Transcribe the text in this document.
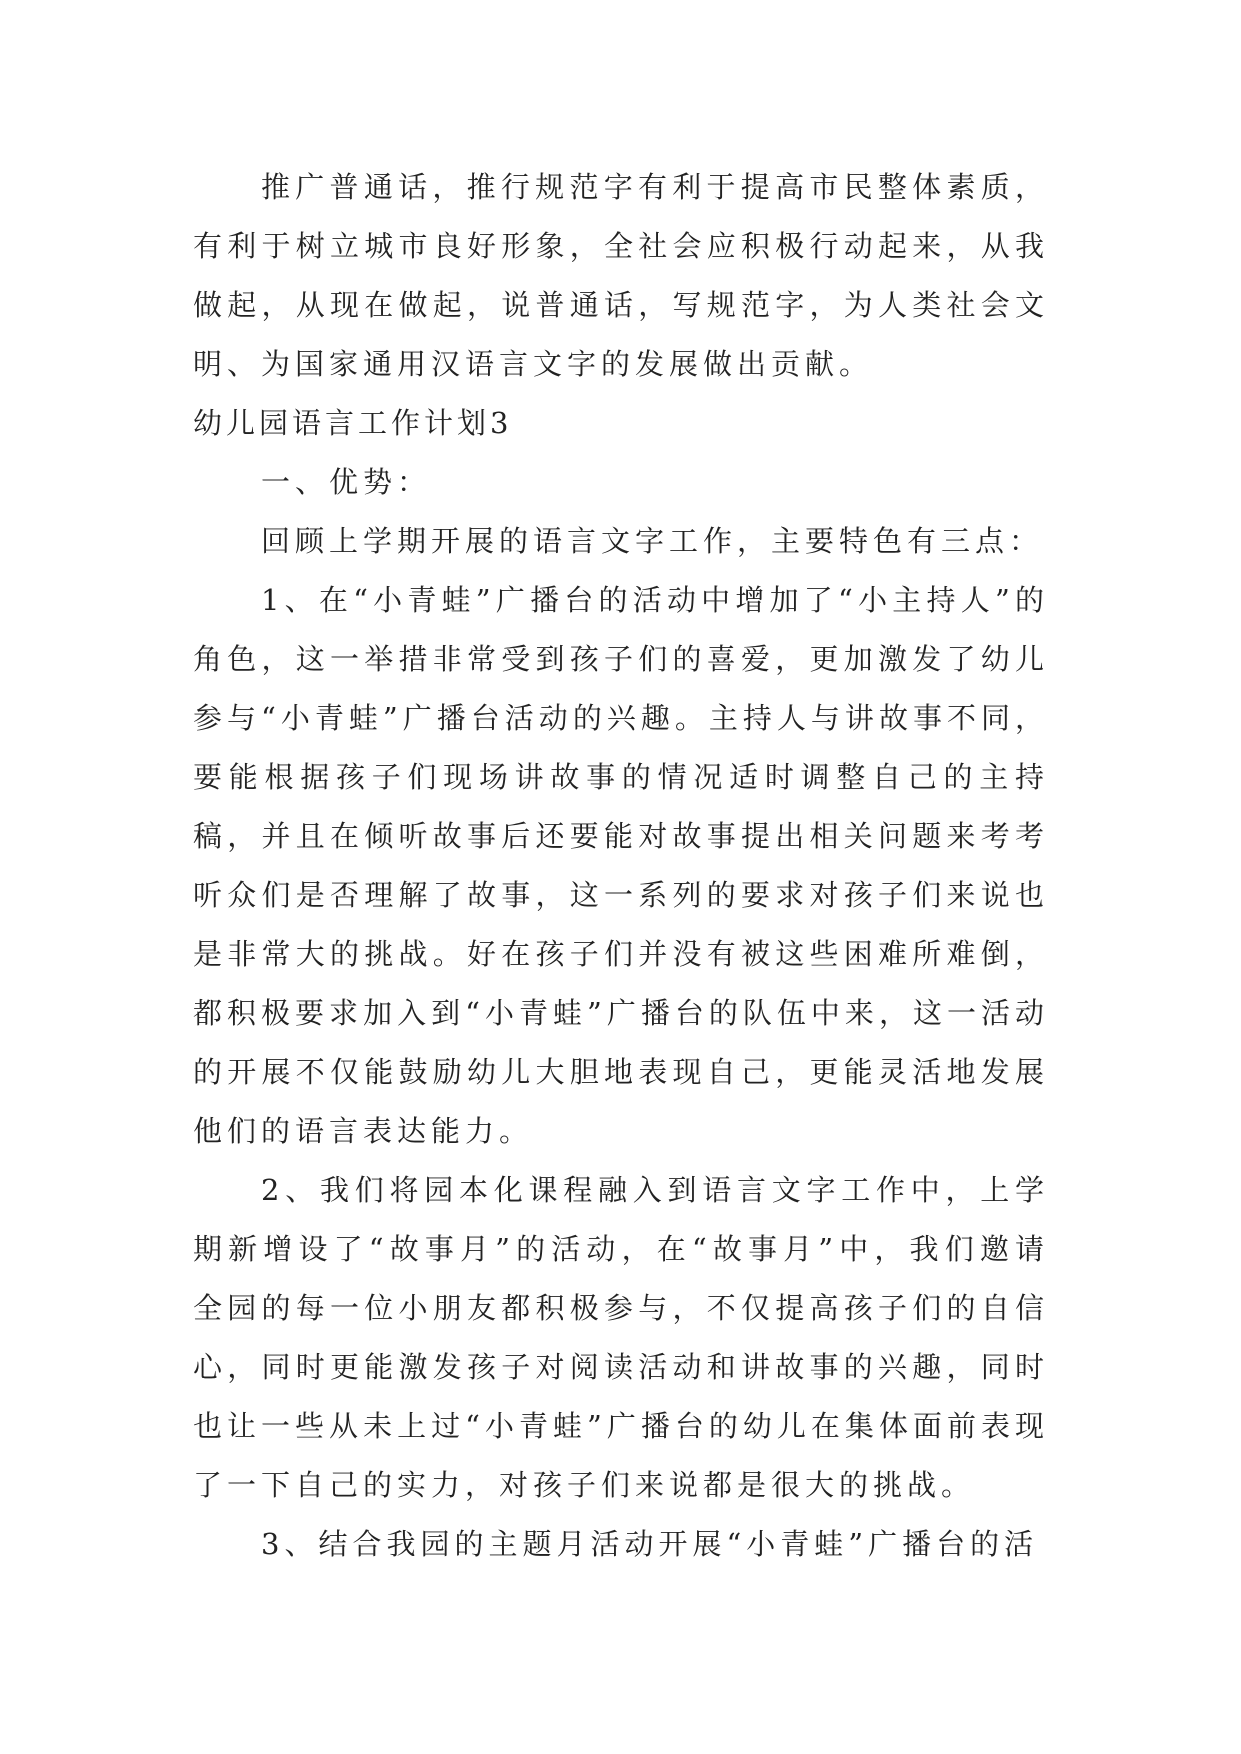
推广普通话，推行规范字有利于提高市民整体素质，有利于树立城市良好形象，全社会应积极行动起来，从我做起，从现在做起，说普通话，写规范字，为人类社会文明、为国家通用汉语言文字的发展做出贡献。

幼儿园语言工作计划3

一、优势：

回顾上学期开展的语言文字工作，主要特色有三点：

1、在“小青蛙”广播台的活动中增加了“小主持人”的角色，这一举措非常受到孩子们的喜爱，更加激发了幼儿参与“小青蛙”广播台活动的兴趣。主持人与讲故事不同，要能根据孩子们现场讲故事的情况适时调整自己的主持稿，并且在倾听故事后还要能对故事提出相关问题来考考听众们是否理解了故事，这一系列的要求对孩子们来说也是非常大的挑战。好在孩子们并没有被这些困难所难倒，都积极要求加入到“小青蛙”广播台的队伍中来，这一活动的开展不仅能鼓励幼儿大胆地表现自己，更能灵活地发展他们的语言表达能力。

2、我们将园本化课程融入到语言文字工作中，上学期新增设了“故事月”的活动，在“故事月”中，我们邀请全园的每一位小朋友都积极参与，不仅提高孩子们的自信心，同时更能激发孩子对阅读活动和讲故事的兴趣，同时也让一些从未上过“小青蛙”广播台的幼儿在集体面前表现了一下自己的实力，对孩子们来说都是很大的挑战。

3、结合我园的主题月活动开展“小青蛙”广播台的活
